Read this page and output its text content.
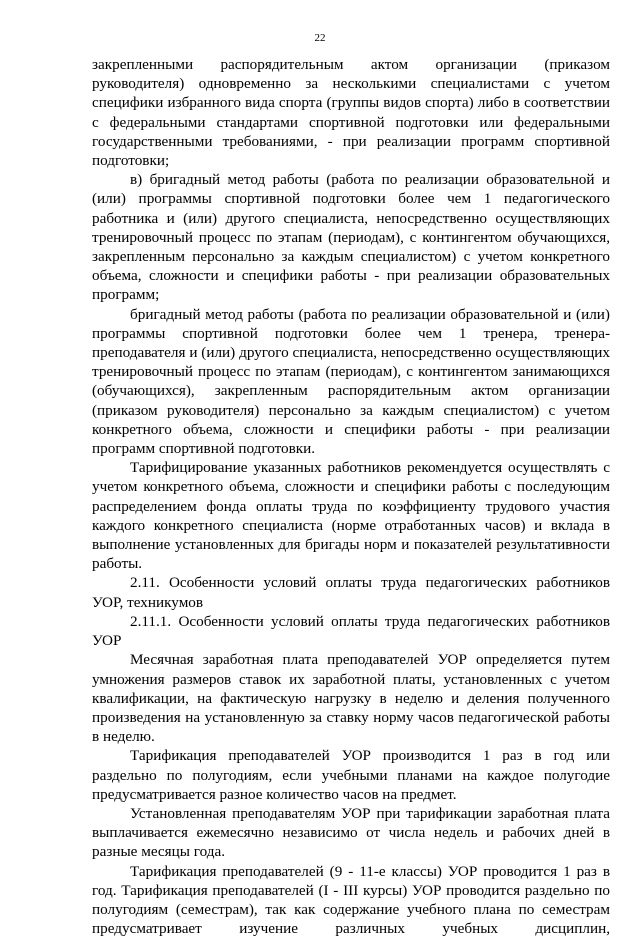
22

закрепленными распорядительным актом организации (приказом руководителя) одновременно за несколькими специалистами с учетом специфики избранного вида спорта (группы видов спорта) либо в соответствии с федеральными стандартами спортивной подготовки или федеральными государственными требованиями, - при реализации программ спортивной подготовки;

в) бригадный метод работы (работа по реализации образовательной и (или) программы спортивной подготовки более чем 1 педагогического работника и (или) другого специалиста, непосредственно осуществляющих тренировочный процесс по этапам (периодам), с контингентом обучающихся, закрепленным персонально за каждым специалистом) с учетом конкретного объема, сложности и специфики работы - при реализации образовательных программ;

бригадный метод работы (работа по реализации образовательной и (или) программы спортивной подготовки более чем 1 тренера, тренера-преподавателя и (или) другого специалиста, непосредственно осуществляющих тренировочный процесс по этапам (периодам), с контингентом занимающихся (обучающихся), закрепленным распорядительным актом организации (приказом руководителя) персонально за каждым специалистом) с учетом конкретного объема, сложности и специфики работы - при реализации программ спортивной подготовки.

Тарифицирование указанных работников рекомендуется осуществлять с учетом конкретного объема, сложности и специфики работы с последующим распределением фонда оплаты труда по коэффициенту трудового участия каждого конкретного специалиста (норме отработанных часов) и вклада в выполнение установленных для бригады норм и показателей результативности работы.

2.11. Особенности условий оплаты труда педагогических работников УОР, техникумов

2.11.1. Особенности условий оплаты труда педагогических работников УОР

Месячная заработная плата преподавателей УОР определяется путем умножения размеров ставок их заработной платы, установленных с учетом квалификации, на фактическую нагрузку в неделю и деления полученного произведения на установленную за ставку норму часов педагогической работы в неделю.

Тарификация преподавателей УОР производится 1 раз в год или раздельно по полугодиям, если учебными планами на каждое полугодие предусматривается разное количество часов на предмет.

Установленная преподавателям УОР при тарификации заработная плата выплачивается ежемесячно независимо от числа недель и рабочих дней в разные месяцы года.

Тарификация преподавателей (9 - 11-е классы) УОР проводится 1 раз в год. Тарификация преподавателей (I - III курсы) УОР проводится раздельно по полугодиям (семестрам), так как содержание учебного плана по семестрам предусматривает изучение различных учебных дисциплин,
